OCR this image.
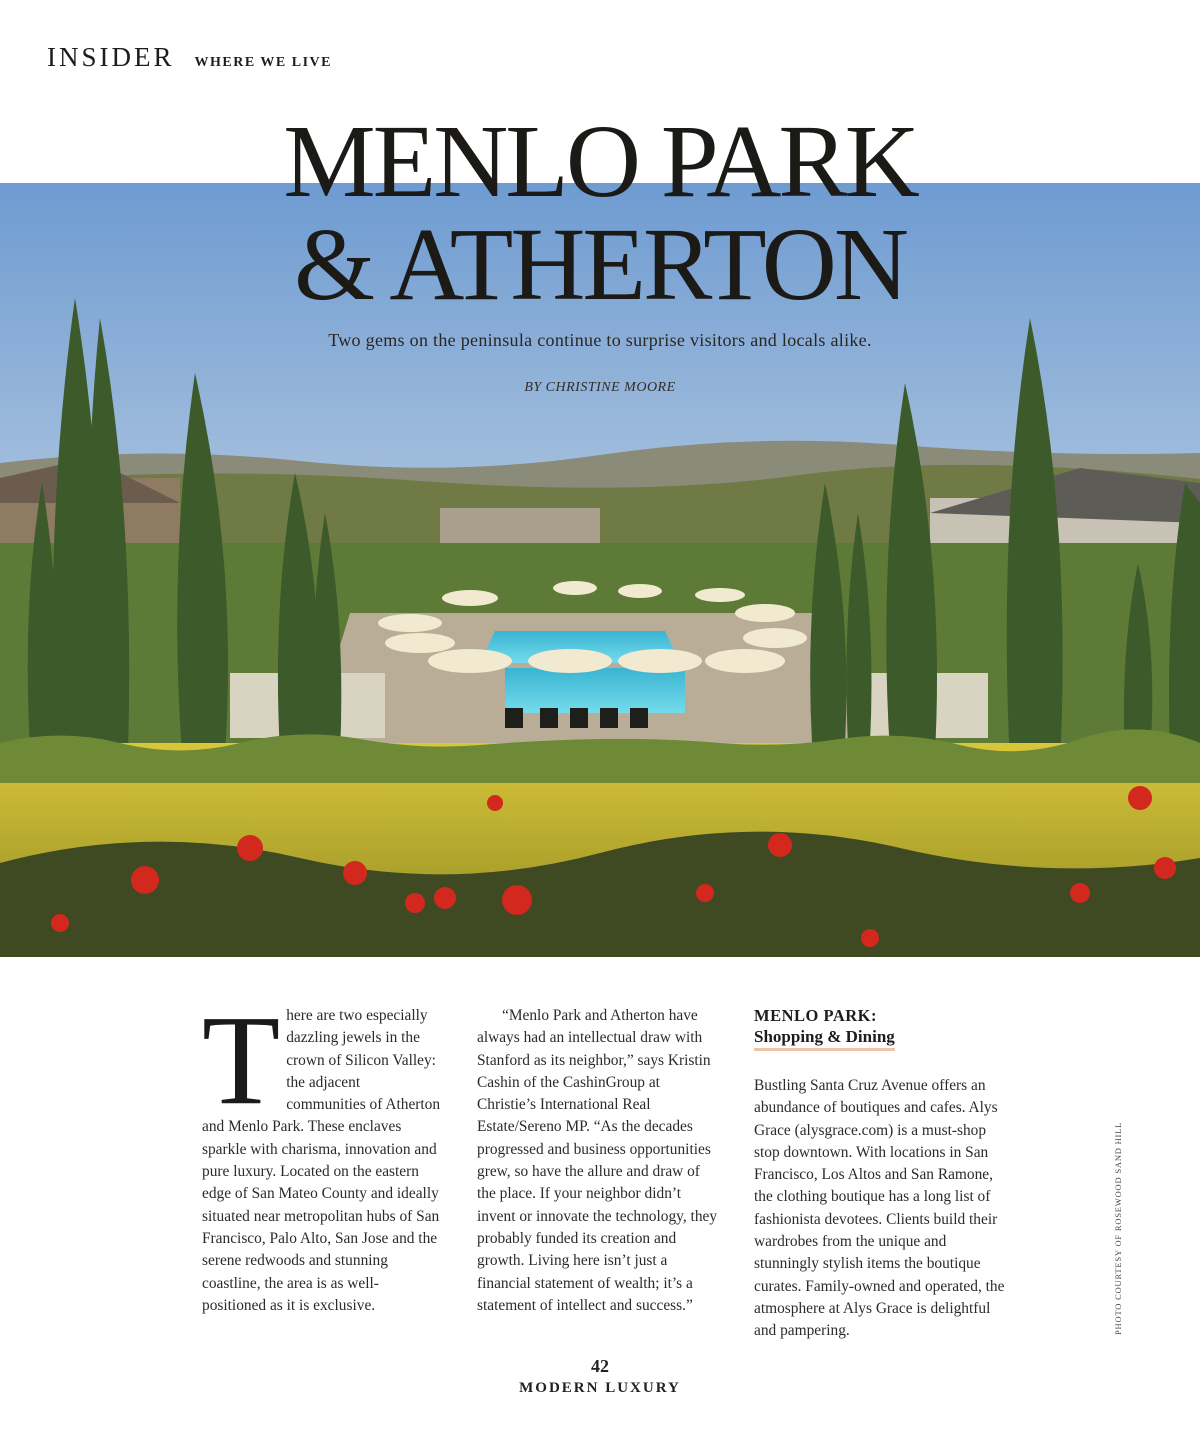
INSIDER WHERE WE LIVE
MENLO PARK
& ATHERTON
Two gems on the peninsula continue to surprise visitors and locals alike.
BY CHRISTINE MOORE
There are two especially dazzling jewels in the crown of Silicon Valley: the adjacent communities of Atherton and Menlo Park. These enclaves sparkle with charisma, innovation and pure luxury. Located on the eastern edge of San Mateo County and ideally situated near metropolitan hubs of San Francisco, Palo Alto, San Jose and the serene redwoods and stunning coastline, the area is as well-positioned as it is exclusive.
“Menlo Park and Atherton have always had an intellectual draw with Stanford as its neighbor,” says Kristin Cashin of the CashinGroup at Christie’s International Real Estate/Sereno MP. “As the decades progressed and business opportunities grew, so have the allure and draw of the place. If your neighbor didn’t invent or innovate the technology, they probably funded its creation and growth. Living here isn’t just a financial statement of wealth; it’s a statement of intellect and success.”
MENLO PARK:
Shopping & Dining
Bustling Santa Cruz Avenue offers an abundance of boutiques and cafes. Alys Grace (alysgrace.com) is a must-shop stop downtown. With locations in San Francisco, Los Altos and San Ramone, the clothing boutique has a long list of fashionista devotees. Clients build their wardrobes from the unique and stunningly stylish items the boutique curates. Family-owned and operated, the atmosphere at Alys Grace is delightful and pampering.	PHOTO COURTESY OF ROSEWOOD SAND HILL
42
MODERN LUXURY
